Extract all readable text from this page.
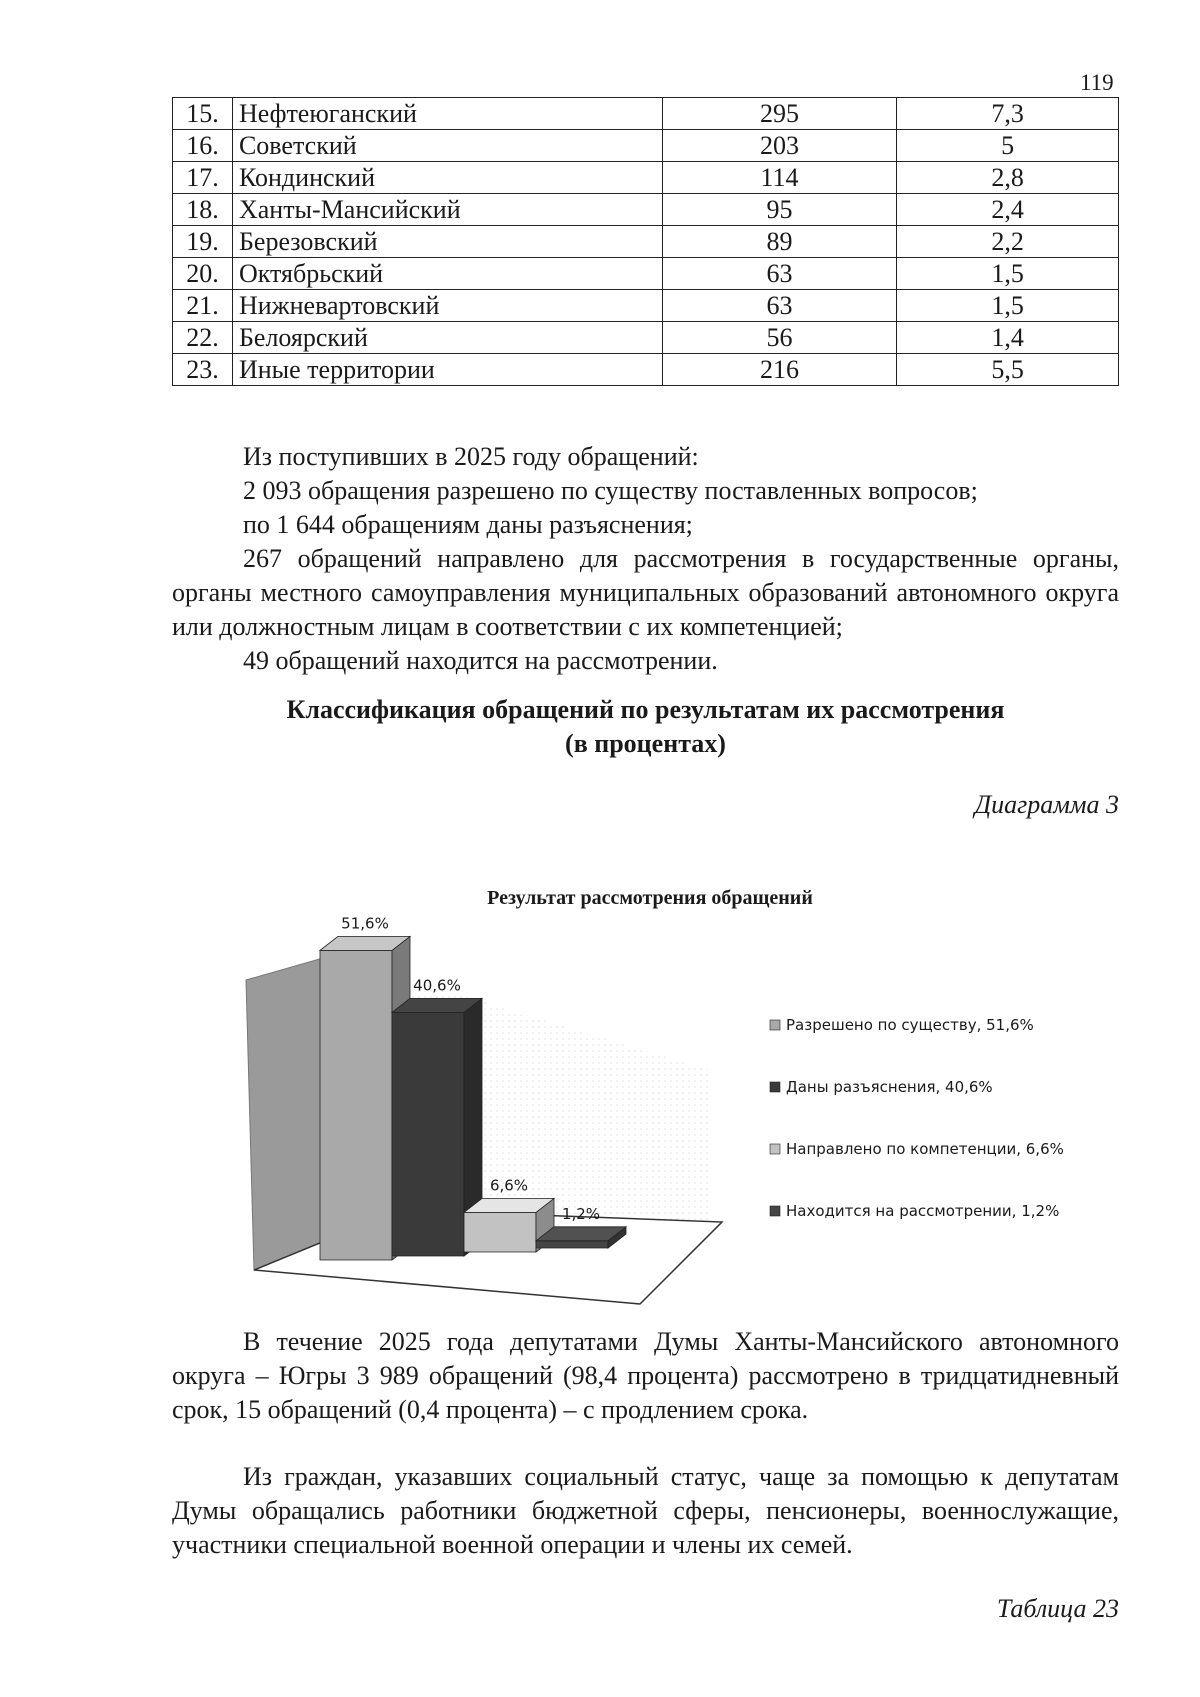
119
15.	Нефтеюганский	295	7,3
16.	Советский	203	5
17.	Кондинский	114	2,8
18.	Ханты-Мансийский	95	2,4
19.	Березовский	89	2,2
20.	Октябрьский	63	1,5
21.	Нижневартовский	63	1,5
22.	Белоярский	56	1,4
23.	Иные территории	216	5,5

Из поступивших в 2025 году обращений:

2 093 обращения разрешено по существу поставленных вопросов;

по 1 644 обращениям даны разъяснения;

267 обращений направлено для рассмотрения в государственные органы, органы местного самоуправления муниципальных образований автономного округа или должностным лицам в соответствии с их компетенцией;

49 обращений находится на рассмотрении.

Классификация обращений по результатам их рассмотрения
(в процентах)
Диаграмма 3
Результат рассмотрения обращений
51,6%
40,6%
6,6%
1,2%
Разрешено по существу, 51,6%
Даны разъяснения, 40,6%
Направлено по компетенции, 6,6%
Находится на рассмотрении, 1,2%

В течение 2025 года депутатами Думы Ханты-Мансийского автономного округа – Югры 3 989 обращений (98,4 процента) рассмотрено в тридцатидневный срок, 15 обращений (0,4 процента) – с продлением срока.

Из граждан, указавших социальный статус, чаще за помощью к депутатам Думы обращались работники бюджетной сферы, пенсионеры, военнослужащие, участники специальной военной операции и члены их семей.

Таблица 23
